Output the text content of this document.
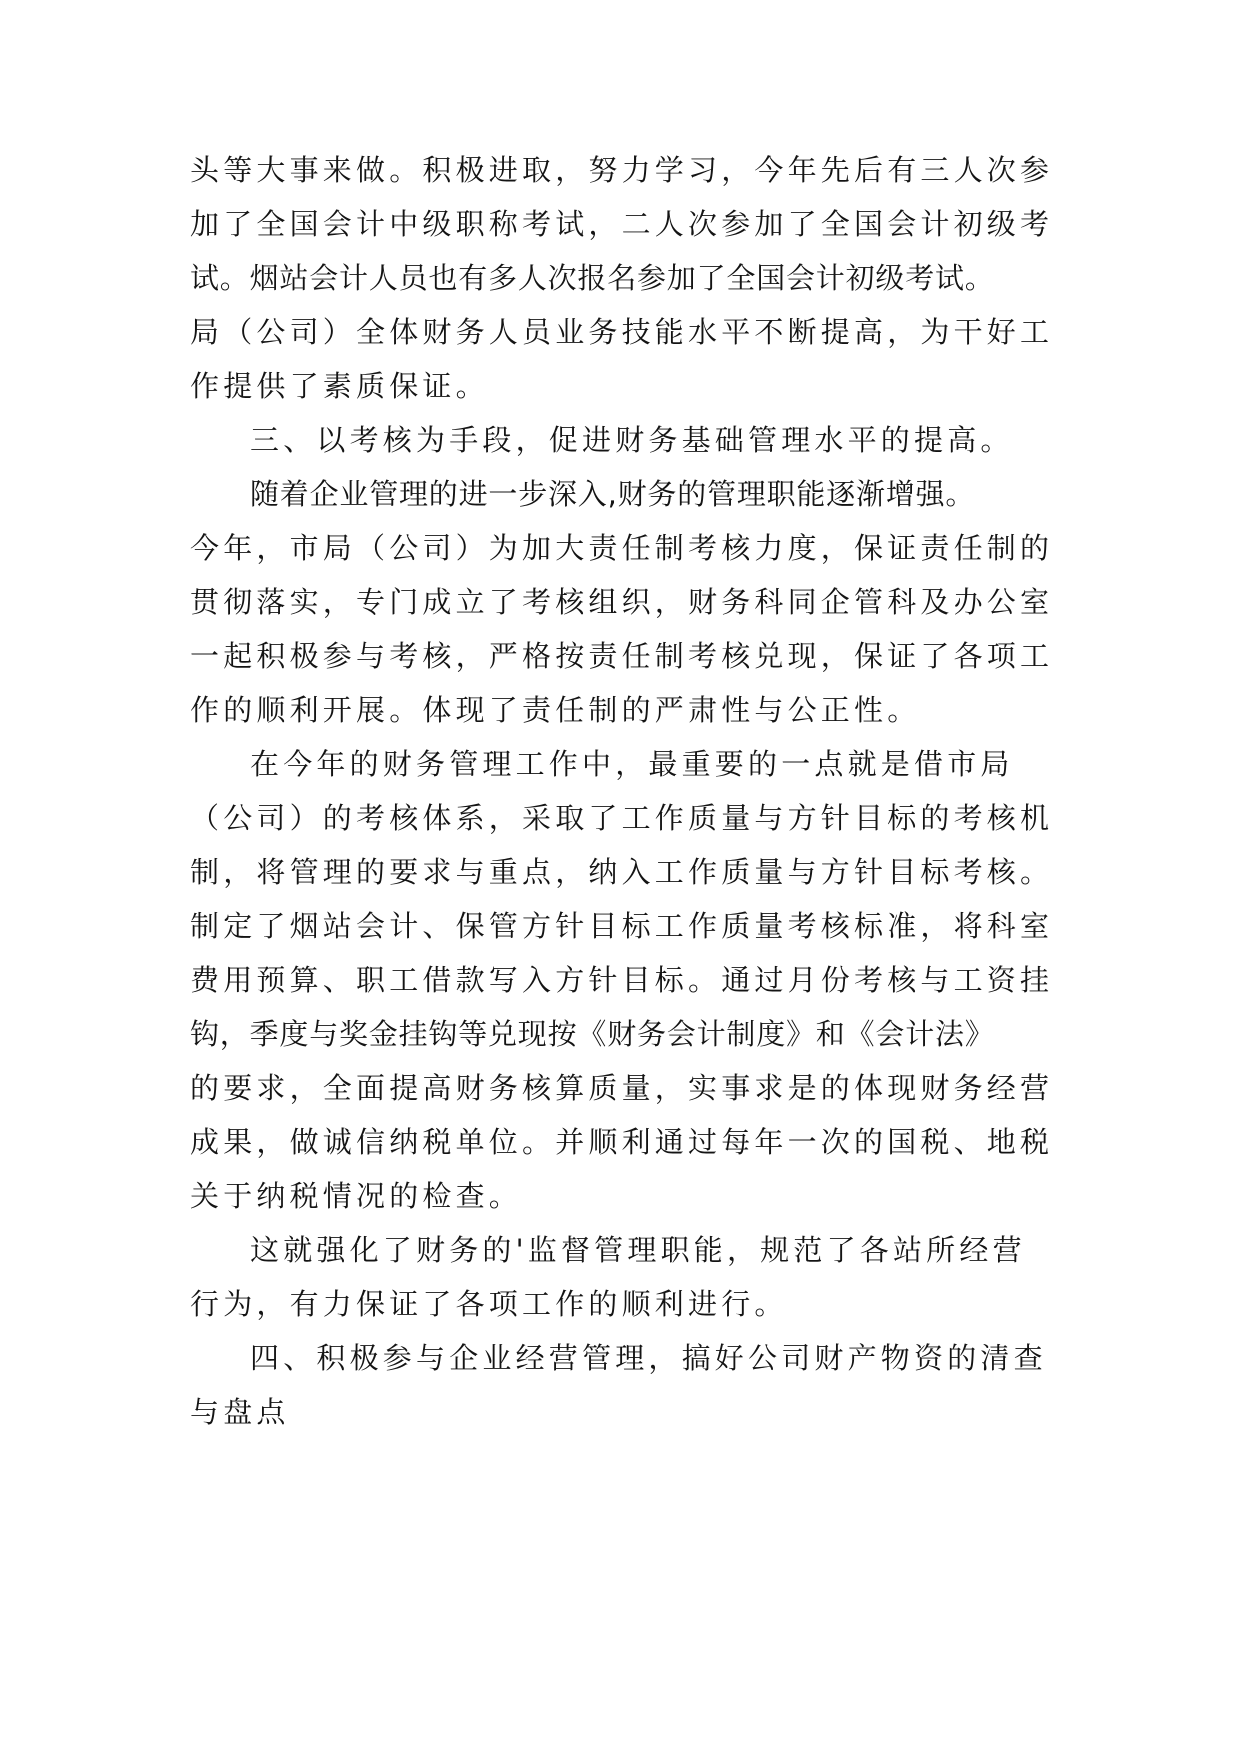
头等大事来做。积极进取，努力学习，今年先后有三人次参
加了全国会计中级职称考试，二人次参加了全国会计初级考
试。烟站会计人员也有多人次报名参加了全国会计初级考试。
局（公司）全体财务人员业务技能水平不断提高，为干好工
作提供了素质保证。
三、以考核为手段，促进财务基础管理水平的提高。
随着企业管理的进一步深入,财务的管理职能逐渐增强。
今年，市局（公司）为加大责任制考核力度，保证责任制的
贯彻落实，专门成立了考核组织，财务科同企管科及办公室
一起积极参与考核，严格按责任制考核兑现，保证了各项工
作的顺利开展。体现了责任制的严肃性与公正性。
在今年的财务管理工作中，最重要的一点就是借市局
（公司）的考核体系，采取了工作质量与方针目标的考核机
制，将管理的要求与重点，纳入工作质量与方针目标考核。
制定了烟站会计、保管方针目标工作质量考核标准，将科室
费用预算、职工借款写入方针目标。通过月份考核与工资挂
钩，季度与奖金挂钩等兑现按《财务会计制度》和《会计法》
的要求，全面提高财务核算质量，实事求是的体现财务经营
成果，做诚信纳税单位。并顺利通过每年一次的国税、地税
关于纳税情况的检查。
这就强化了财务的'监督管理职能，规范了各站所经营
行为，有力保证了各项工作的顺利进行。
四、积极参与企业经营管理，搞好公司财产物资的清查
与盘点
